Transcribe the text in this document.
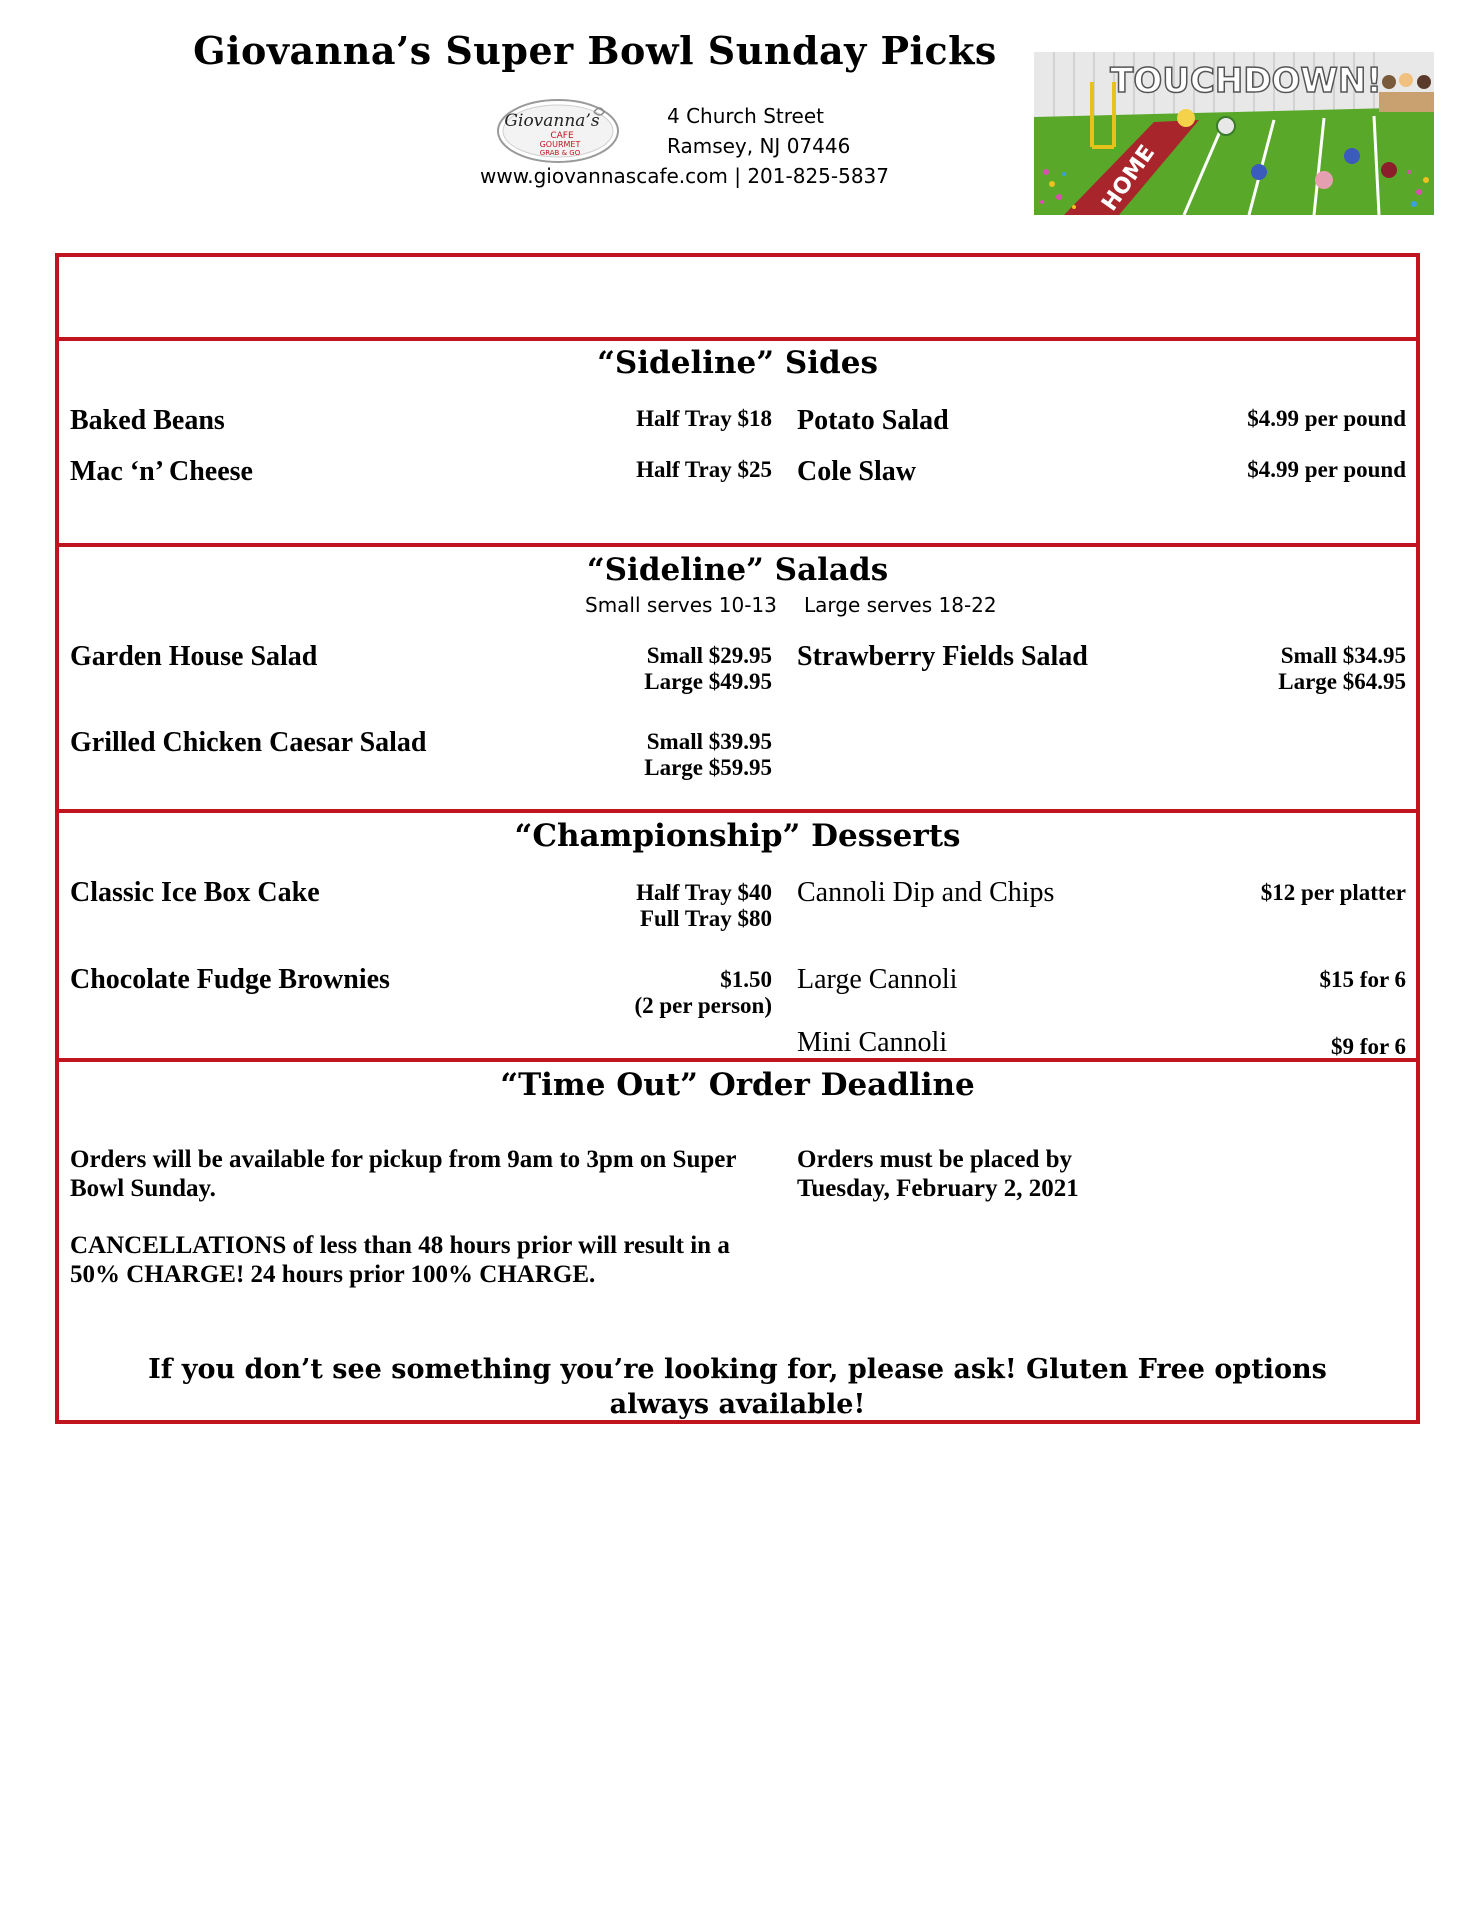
Giovanna’s Super Bowl Sunday Picks
Giovanna’s
CAFE
GOURMET
GRAB & GO
4 Church Street
Ramsey, NJ 07446
www.giovannascafe.com | 201-825-5837	HOME
TOUCHDOWN!
“Sideline” Sides
Baked Beans	Half Tray $18
Mac ‘n’ Cheese	Half Tray $25
Potato Salad	$4.99 per pound
Cole Slaw	$4.99 per pound
“Sideline” Salads
Small serves 10-13 Large serves 18-22
Garden House Salad	Small $29.95
Large $49.95
Strawberry Fields Salad	Small $34.95
Large $64.95
Grilled Chicken Caesar Salad	Small $39.95
Large $59.95
“Championship” Desserts
Classic Ice Box Cake	Half Tray $40
Full Tray $80
Chocolate Fudge Brownies	$1.50
(2 per person)
Cannoli Dip and Chips	$12 per platter
Large Cannoli	$15 for 6
Mini Cannoli	$9 for 6
“Time Out” Order Deadline
Orders will be available for pickup from 9am to 3pm on Super Bowl Sunday.
CANCELLATIONS of less than 48 hours prior will result in a 50% CHARGE! 24 hours prior 100% CHARGE.
Orders must be placed by
Tuesday, February 2, 2021
If you don’t see something you’re looking for, please ask! Gluten Free options always available!
